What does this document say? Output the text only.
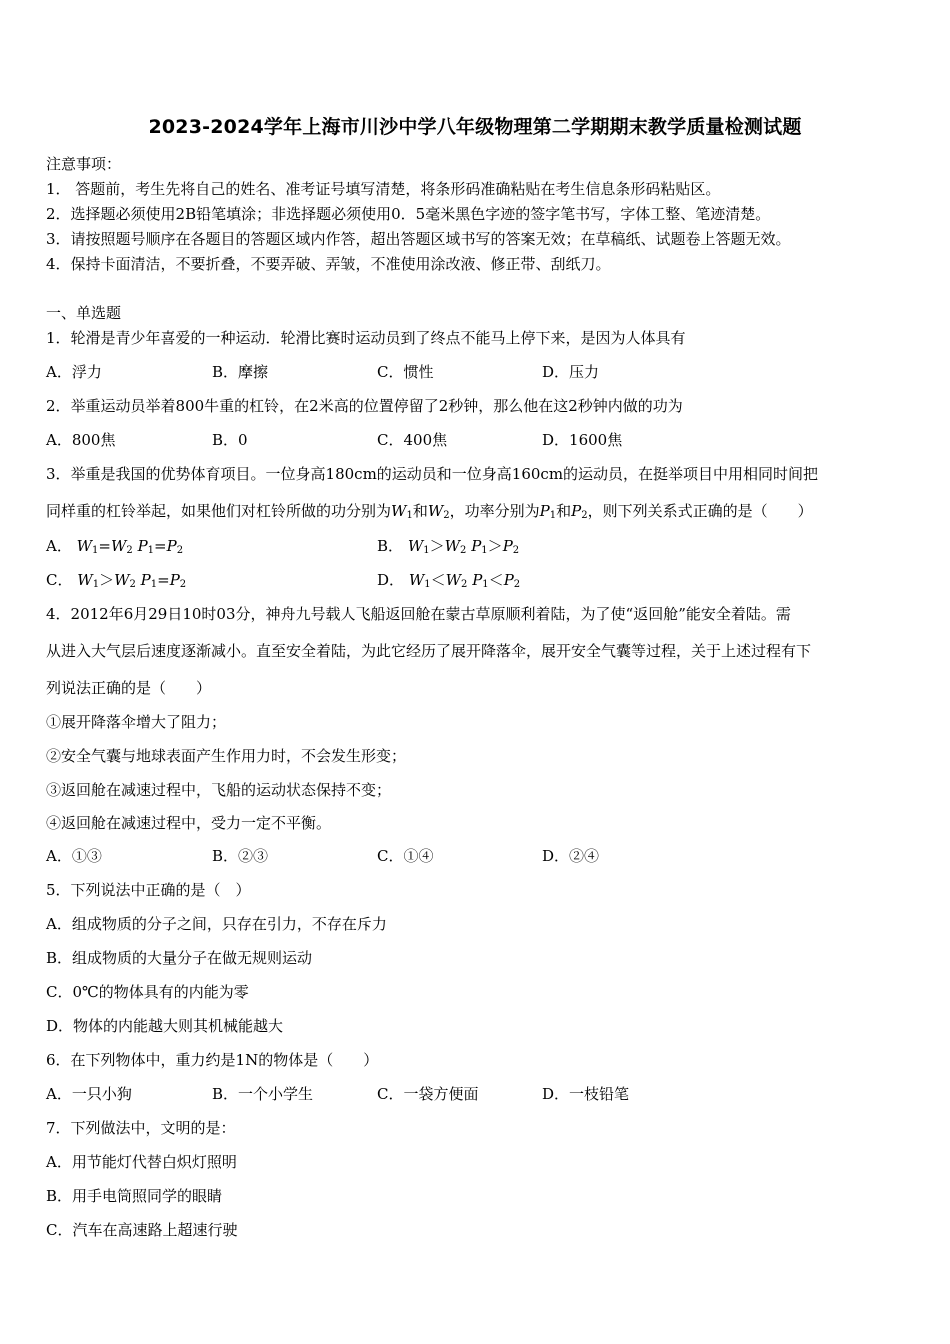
2023-2024学年上海市川沙中学八年级物理第二学期期末教学质量检测试题
注意事项：
1． 答题前，考生先将自己的姓名、准考证号填写清楚，将条形码准确粘贴在考生信息条形码粘贴区。
2．选择题必须使用2B铅笔填涂；非选择题必须使用0．5毫米黑色字迹的签字笔书写，字体工整、笔迹清楚。
3．请按照题号顺序在各题目的答题区域内作答，超出答题区域书写的答案无效；在草稿纸、试题卷上答题无效。
4．保持卡面清洁，不要折叠，不要弄破、弄皱，不准使用涂改液、修正带、刮纸刀。
一、单选题
1．轮滑是青少年喜爱的一种运动．轮滑比赛时运动员到了终点不能马上停下来，是因为人体具有
A．浮力	B．摩擦	C．惯性	D．压力
2．举重运动员举着800牛重的杠铃，在2米高的位置停留了2秒钟，那么他在这2秒钟内做的功为
A．800焦	B．0	C．400焦	D．1600焦
3．举重是我国的优势体育项目。一位身高180cm的运动员和一位身高160cm的运动员，在挺举项目中用相同时间把
同样重的杠铃举起，如果他们对杠铃所做的功分别为$W_1$和$W_2$，功率分别为$P_1$和$P_2$，则下列关系式正确的是（　　）
A． $W_1=W_2$ $P_1=P_2$	B． $W_1>W_2$ $P_1>P_2$
C． $W_1>W_2$ $P_1=P_2$	D． $W_1<W_2$ $P_1<P_2$
4．2012年6月29日10时03分，神舟九号载人飞船返回舱在蒙古草原顺利着陆，为了使“返回舱”能安全着陆。需
从进入大气层后速度逐渐减小。直至安全着陆，为此它经历了展开降落伞，展开安全气囊等过程，关于上述过程有下
列说法正确的是（　　）
①展开降落伞增大了阻力；
②安全气囊与地球表面产生作用力时，不会发生形变；
③返回舱在减速过程中，飞船的运动状态保持不变；
④返回舱在减速过程中，受力一定不平衡。
A．①③	B．②③	C．①④	D．②④
5．下列说法中正确的是（　）
A．组成物质的分子之间，只存在引力，不存在斥力
B．组成物质的大量分子在做无规则运动
C．0℃的物体具有的内能为零
D．物体的内能越大则其机械能越大
6．在下列物体中，重力约是1N的物体是（　　）
A．一只小狗	B．一个小学生	C．一袋方便面	D．一枝铅笔
7．下列做法中，文明的是：
A．用节能灯代替白炽灯照明
B．用手电筒照同学的眼睛
C．汽车在高速路上超速行驶
